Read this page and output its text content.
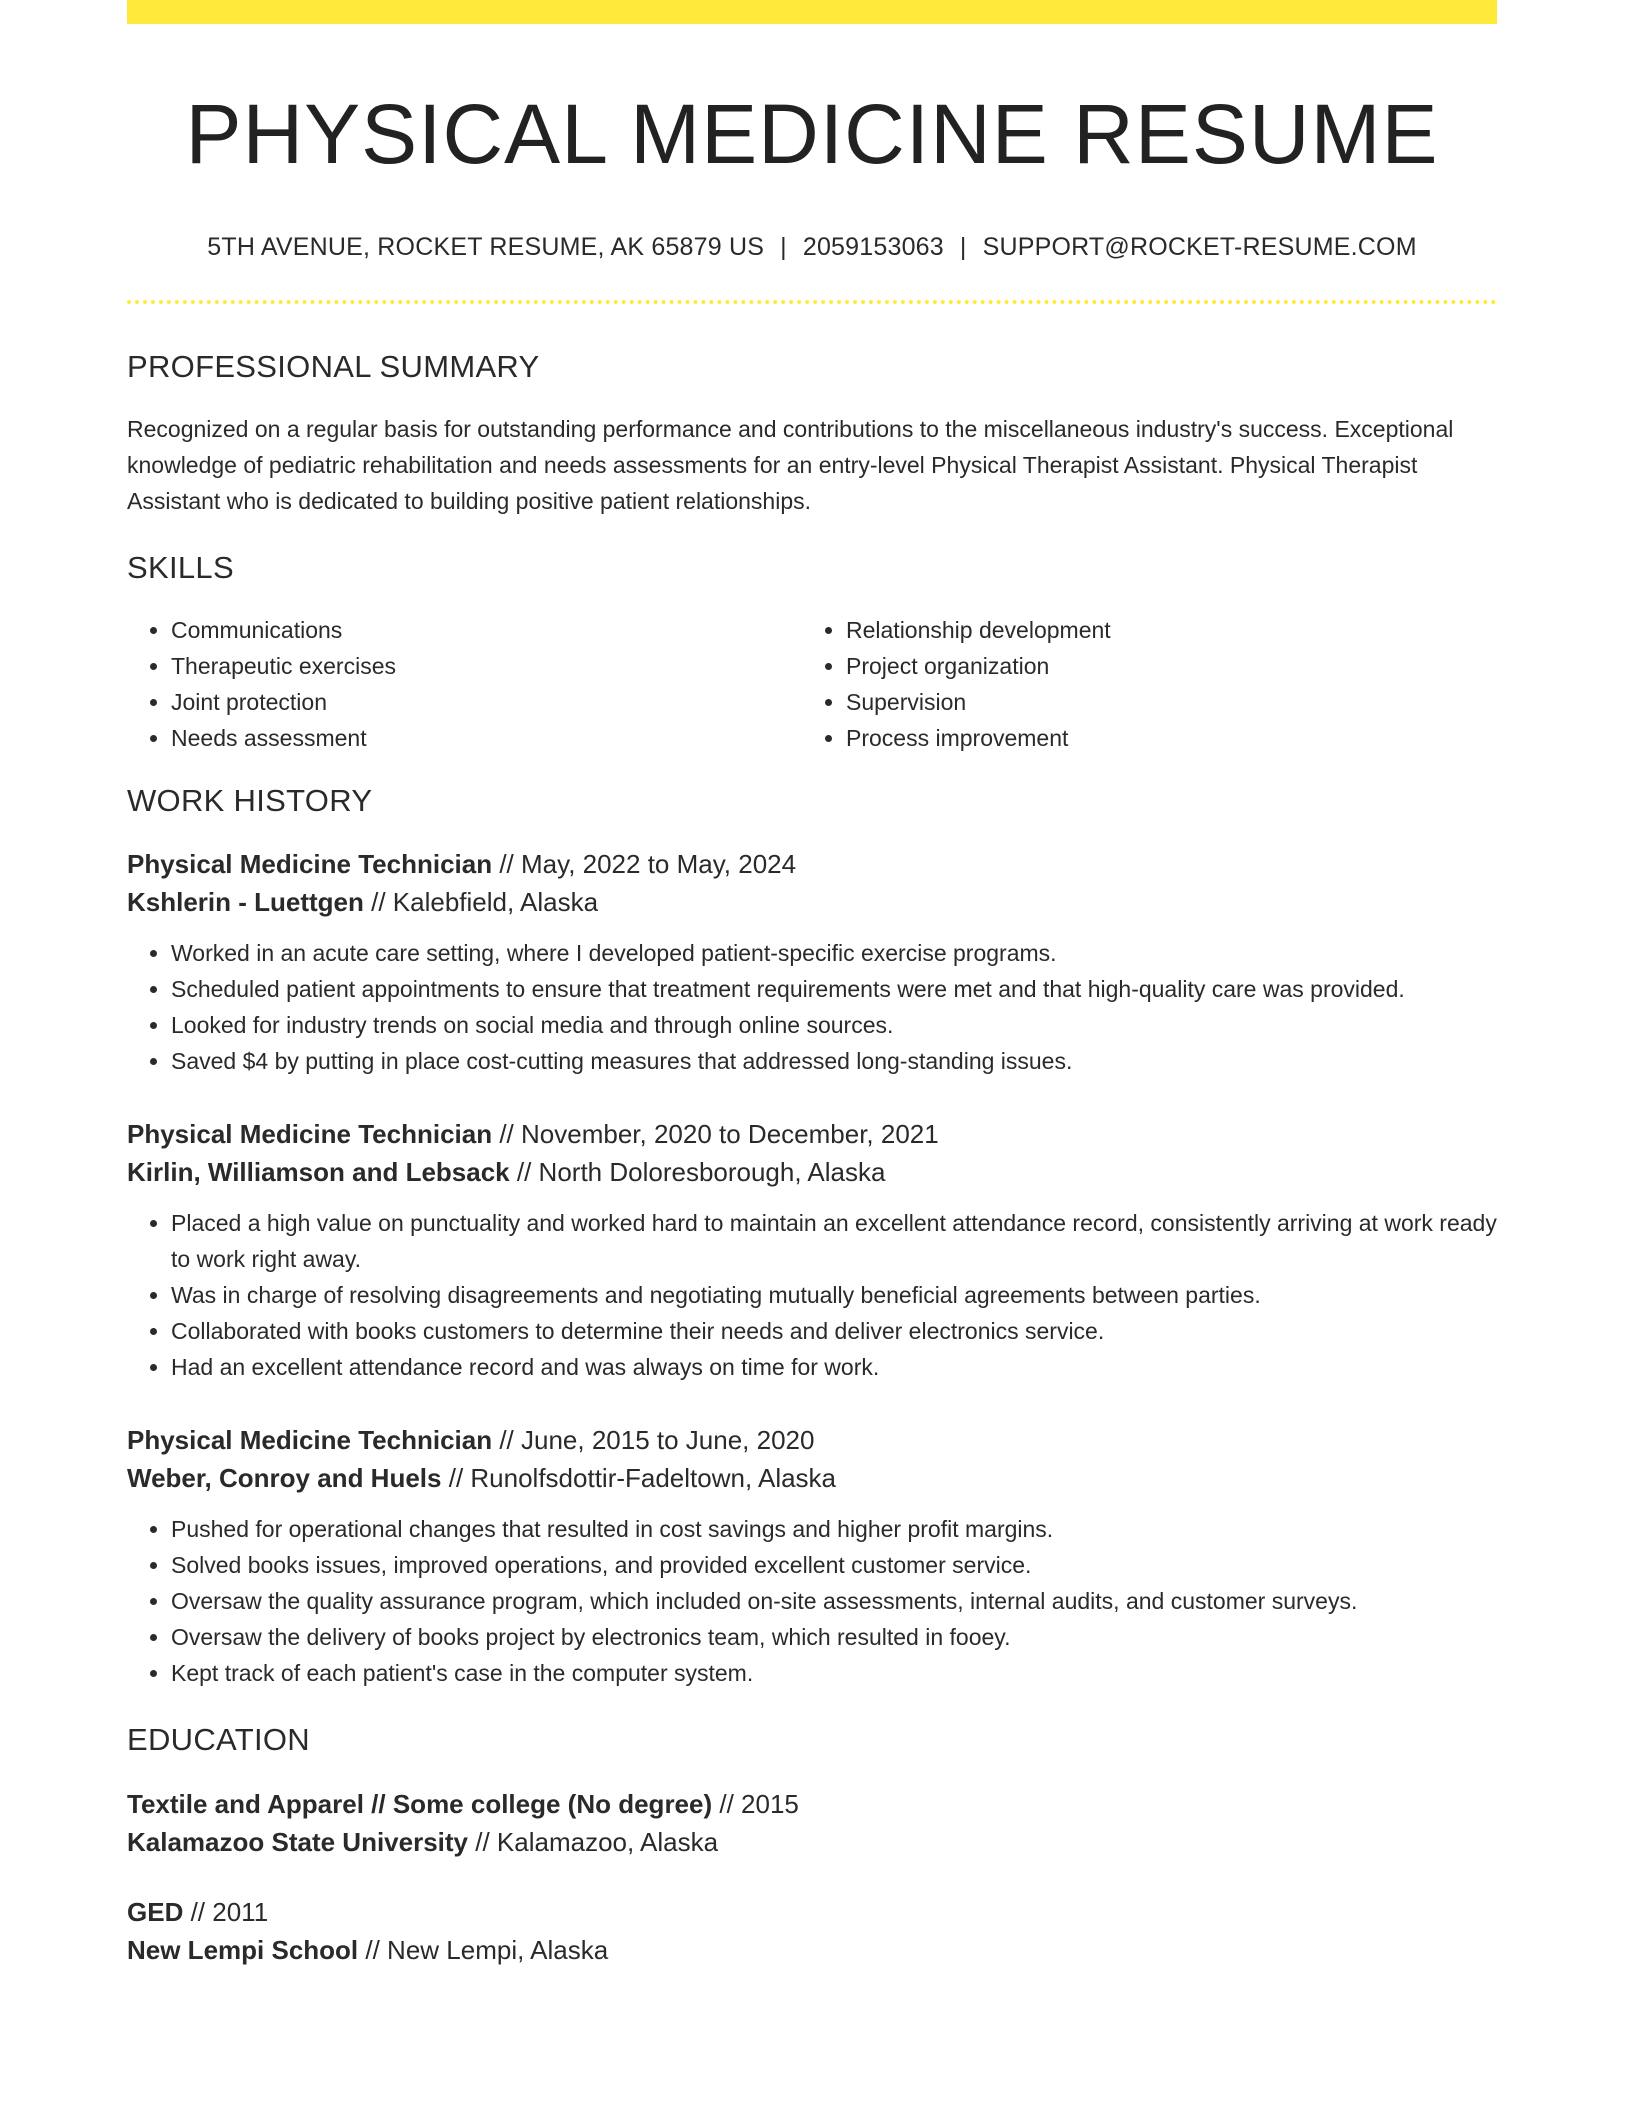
PHYSICAL MEDICINE RESUME
5TH AVENUE, ROCKET RESUME, AK 65879 US | 2059153063 | SUPPORT@ROCKET-RESUME.COM
PROFESSIONAL SUMMARY

Recognized on a regular basis for outstanding performance and contributions to the miscellaneous industry's success. Exceptional knowledge of pediatric rehabilitation and needs assessments for an entry-level Physical Therapist Assistant. Physical Therapist Assistant who is dedicated to building positive patient relationships.

SKILLS
• Communications
• Therapeutic exercises
• Joint protection
• Needs assessment
• Relationship development
• Project organization
• Supervision
• Process improvement
WORK HISTORY
Physical Medicine Technician // May, 2022 to May, 2024
Kshlerin - Luettgen // Kalebfield, Alaska
• Worked in an acute care setting, where I developed patient-specific exercise programs.
• Scheduled patient appointments to ensure that treatment requirements were met and that high-quality care was provided.
• Looked for industry trends on social media and through online sources.
• Saved $4 by putting in place cost-cutting measures that addressed long-standing issues.
Physical Medicine Technician // November, 2020 to December, 2021
Kirlin, Williamson and Lebsack // North Doloresborough, Alaska
• Placed a high value on punctuality and worked hard to maintain an excellent attendance record, consistently arriving at work ready to work right away.
• Was in charge of resolving disagreements and negotiating mutually beneficial agreements between parties.
• Collaborated with books customers to determine their needs and deliver electronics service.
• Had an excellent attendance record and was always on time for work.
Physical Medicine Technician // June, 2015 to June, 2020
Weber, Conroy and Huels // Runolfsdottir-Fadeltown, Alaska
• Pushed for operational changes that resulted in cost savings and higher profit margins.
• Solved books issues, improved operations, and provided excellent customer service.
• Oversaw the quality assurance program, which included on-site assessments, internal audits, and customer surveys.
• Oversaw the delivery of books project by electronics team, which resulted in fooey.
• Kept track of each patient's case in the computer system.
EDUCATION
Textile and Apparel // Some college (No degree) // 2015
Kalamazoo State University // Kalamazoo, Alaska
GED // 2011
New Lempi School // New Lempi, Alaska
